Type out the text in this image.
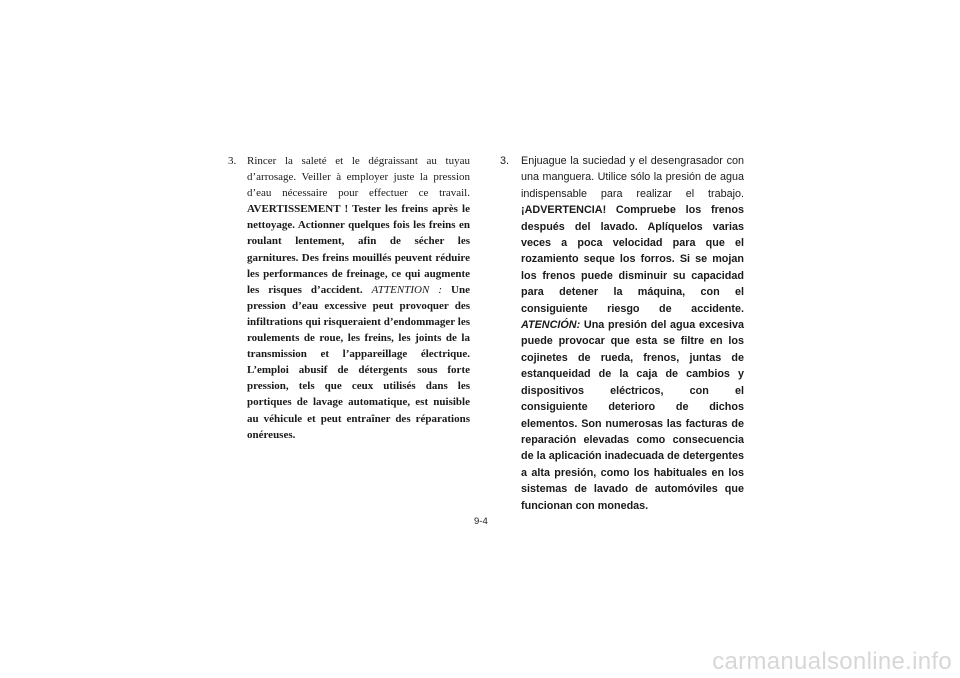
3. Rincer la saleté et le dégraissant au tuyau d’arrosage. Veiller à employer juste la pression d’eau nécessaire pour effectuer ce travail. AVERTISSEMENT ! Tester les freins après le nettoyage. Actionner quelques fois les freins en roulant lentement, afin de sécher les garnitures. Des freins mouillés peuvent réduire les performances de freinage, ce qui augmente les risques d’accident. ATTENTION : Une pression d’eau excessive peut provoquer des infiltrations qui risqueraient d’endommager les roulements de roue, les freins, les joints de la transmission et l’appareillage électrique. L’emploi abusif de détergents sous forte pression, tels que ceux utilisés dans les portiques de lavage automatique, est nuisible au véhicule et peut entraîner des réparations onéreuses.
3. Enjuague la suciedad y el desengrasador con una manguera. Utilice sólo la presión de agua indispensable para realizar el trabajo. ¡ADVERTENCIA! Compruebe los frenos después del lavado. Aplíquelos varias veces a poca velocidad para que el rozamiento seque los forros. Si se mojan los frenos puede disminuir su capacidad para detener la máquina, con el consiguiente riesgo de accidente. ATENCIÓN: Una presión del agua excesiva puede provocar que esta se filtre en los cojinetes de rueda, frenos, juntas de estanqueidad de la caja de cambios y dispositivos eléctricos, con el consiguiente deterioro de dichos elementos. Son numerosas las facturas de reparación elevadas como consecuencia de la aplicación inadecuada de detergentes a alta presión, como los habituales en los sistemas de lavado de automóviles que funcionan con monedas.
9-4
carmanualsonline.info
